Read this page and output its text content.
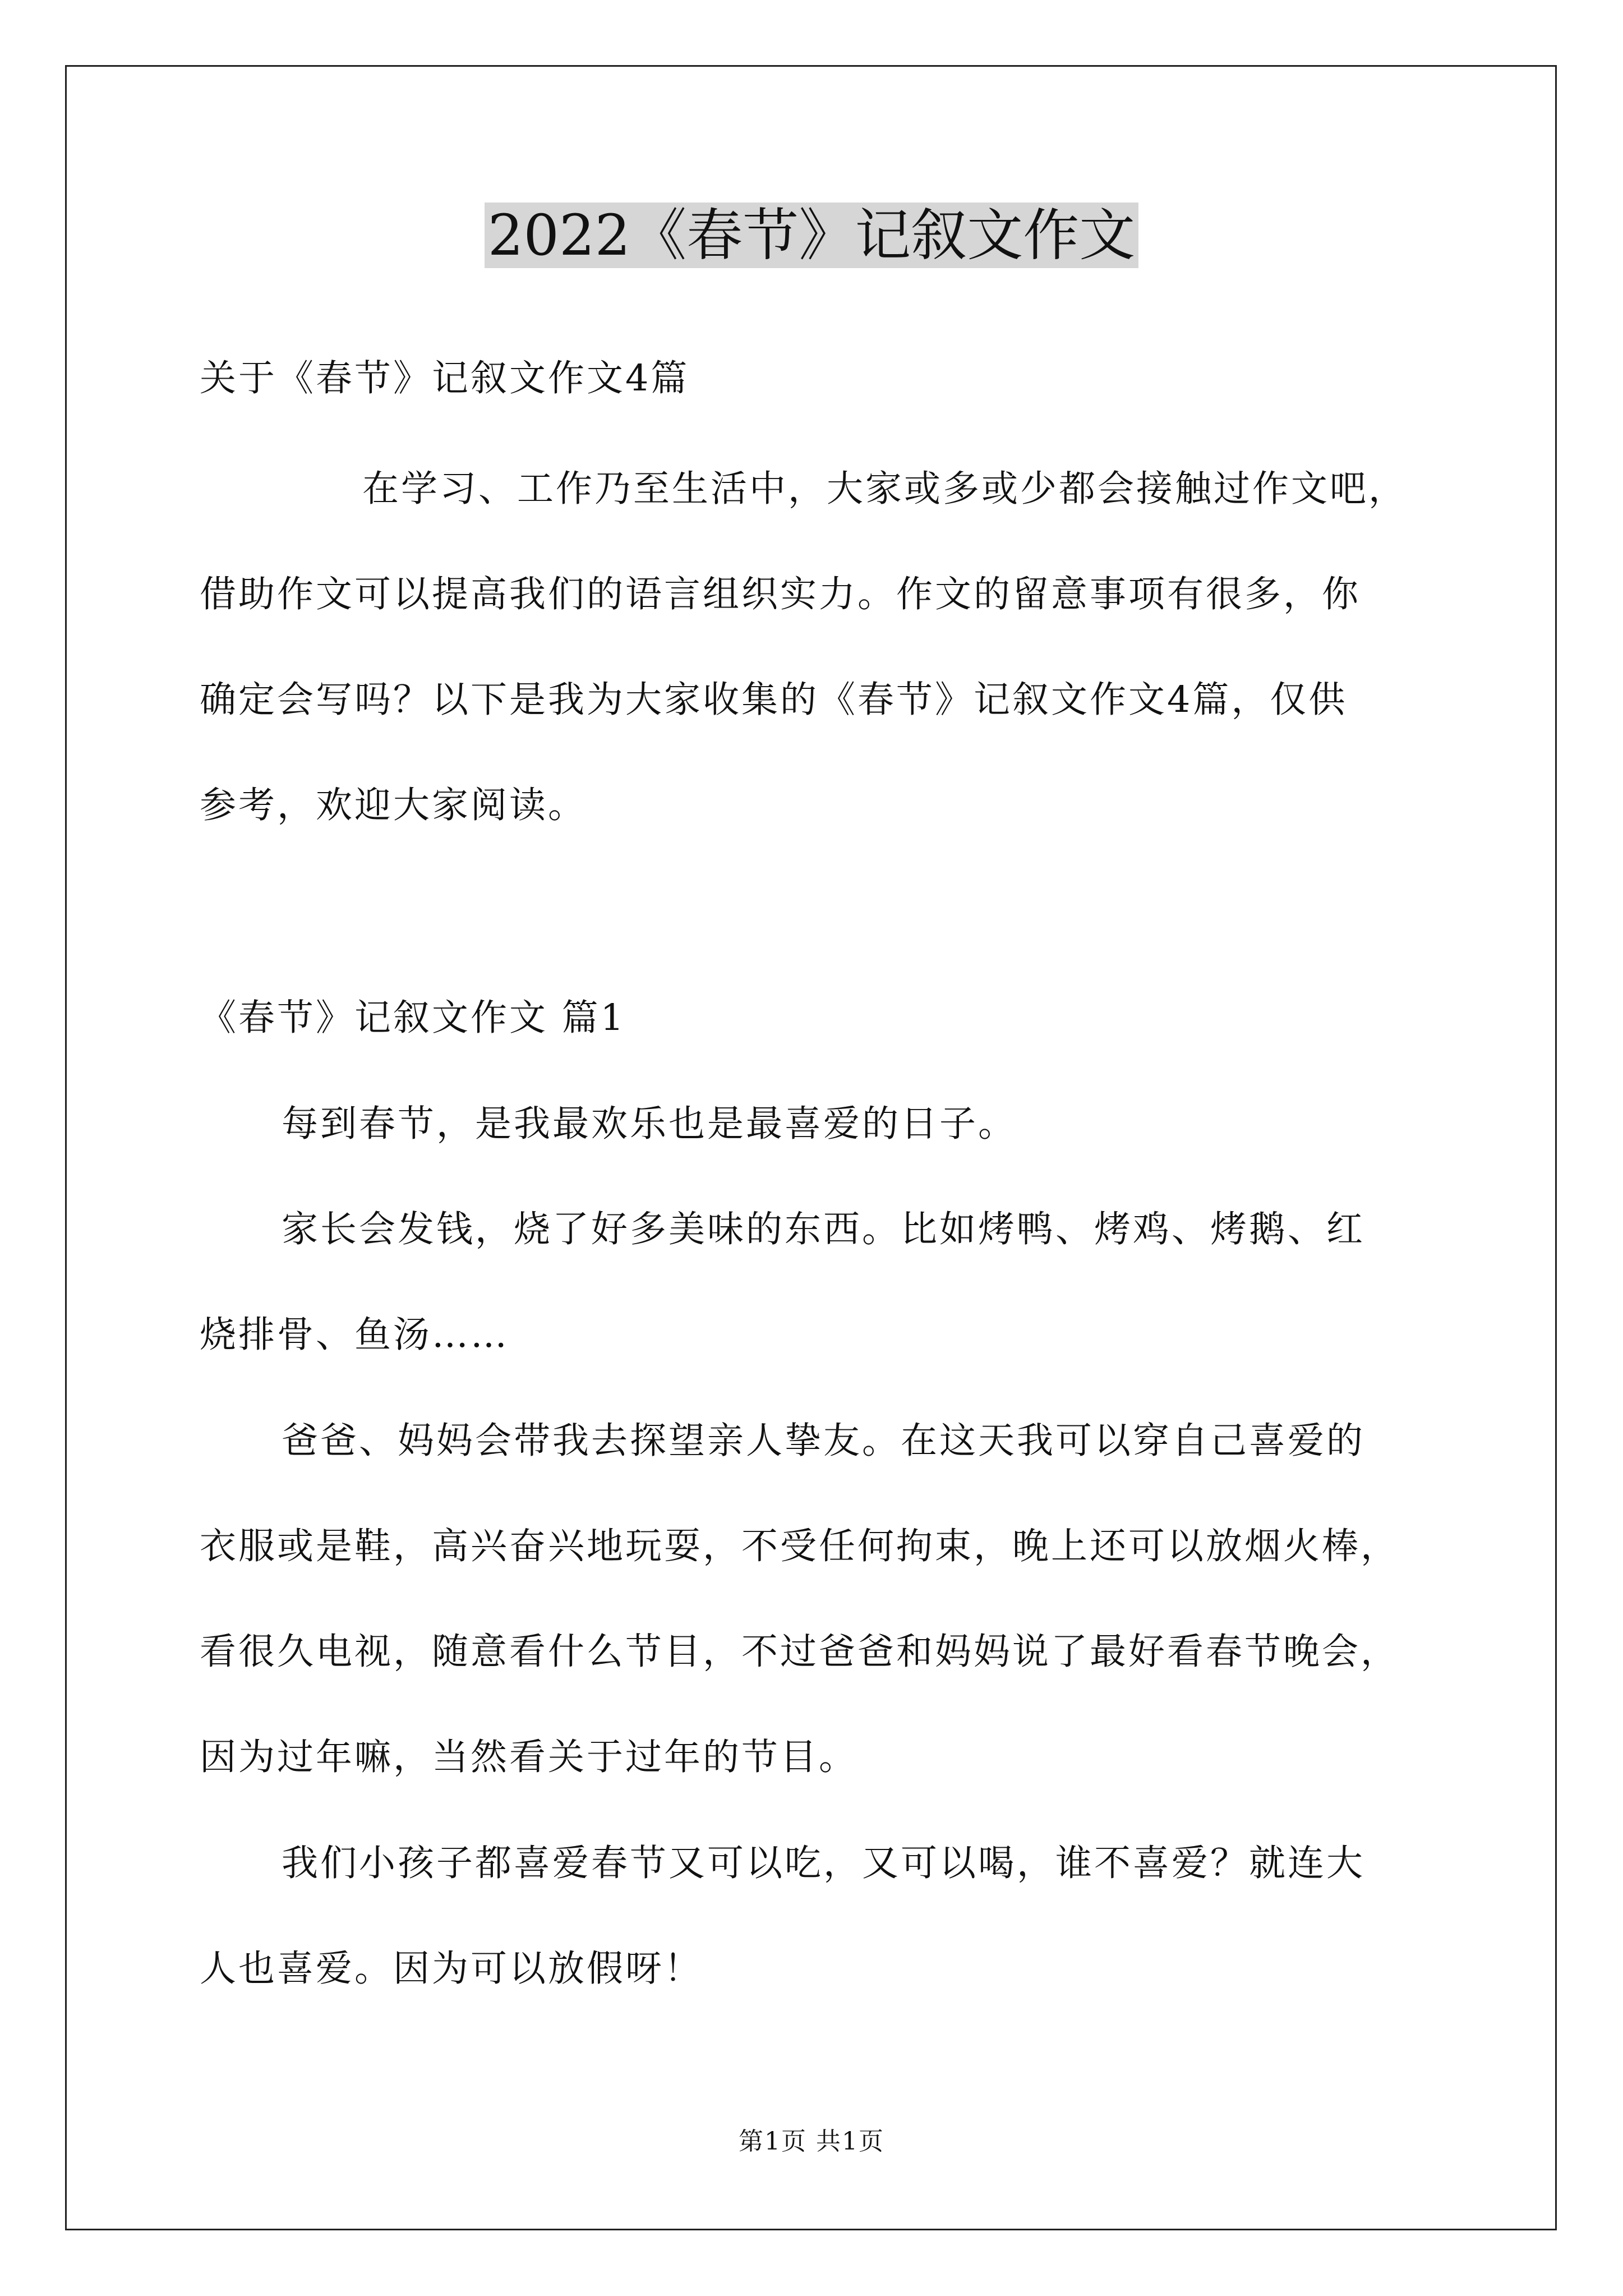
2022《春节》记叙文作文
关于《春节》记叙文作文4篇
在学习、工作乃至生活中，大家或多或少都会接触过作文吧，
借助作文可以提高我们的语言组织实力。作文的留意事项有很多，你
确定会写吗？以下是我为大家收集的《春节》记叙文作文4篇，仅供
参考，欢迎大家阅读。
《春节》记叙文作文 篇1
每到春节，是我最欢乐也是最喜爱的日子。
家长会发钱，烧了好多美味的东西。比如烤鸭、烤鸡、烤鹅、红
烧排骨、鱼汤……
爸爸、妈妈会带我去探望亲人挚友。在这天我可以穿自己喜爱的
衣服或是鞋，高兴奋兴地玩耍，不受任何拘束，晚上还可以放烟火棒，
看很久电视，随意看什么节目，不过爸爸和妈妈说了最好看春节晚会，
因为过年嘛，当然看关于过年的节目。
我们小孩子都喜爱春节又可以吃，又可以喝，谁不喜爱？就连大
人也喜爱。因为可以放假呀！
第1页 共1页
